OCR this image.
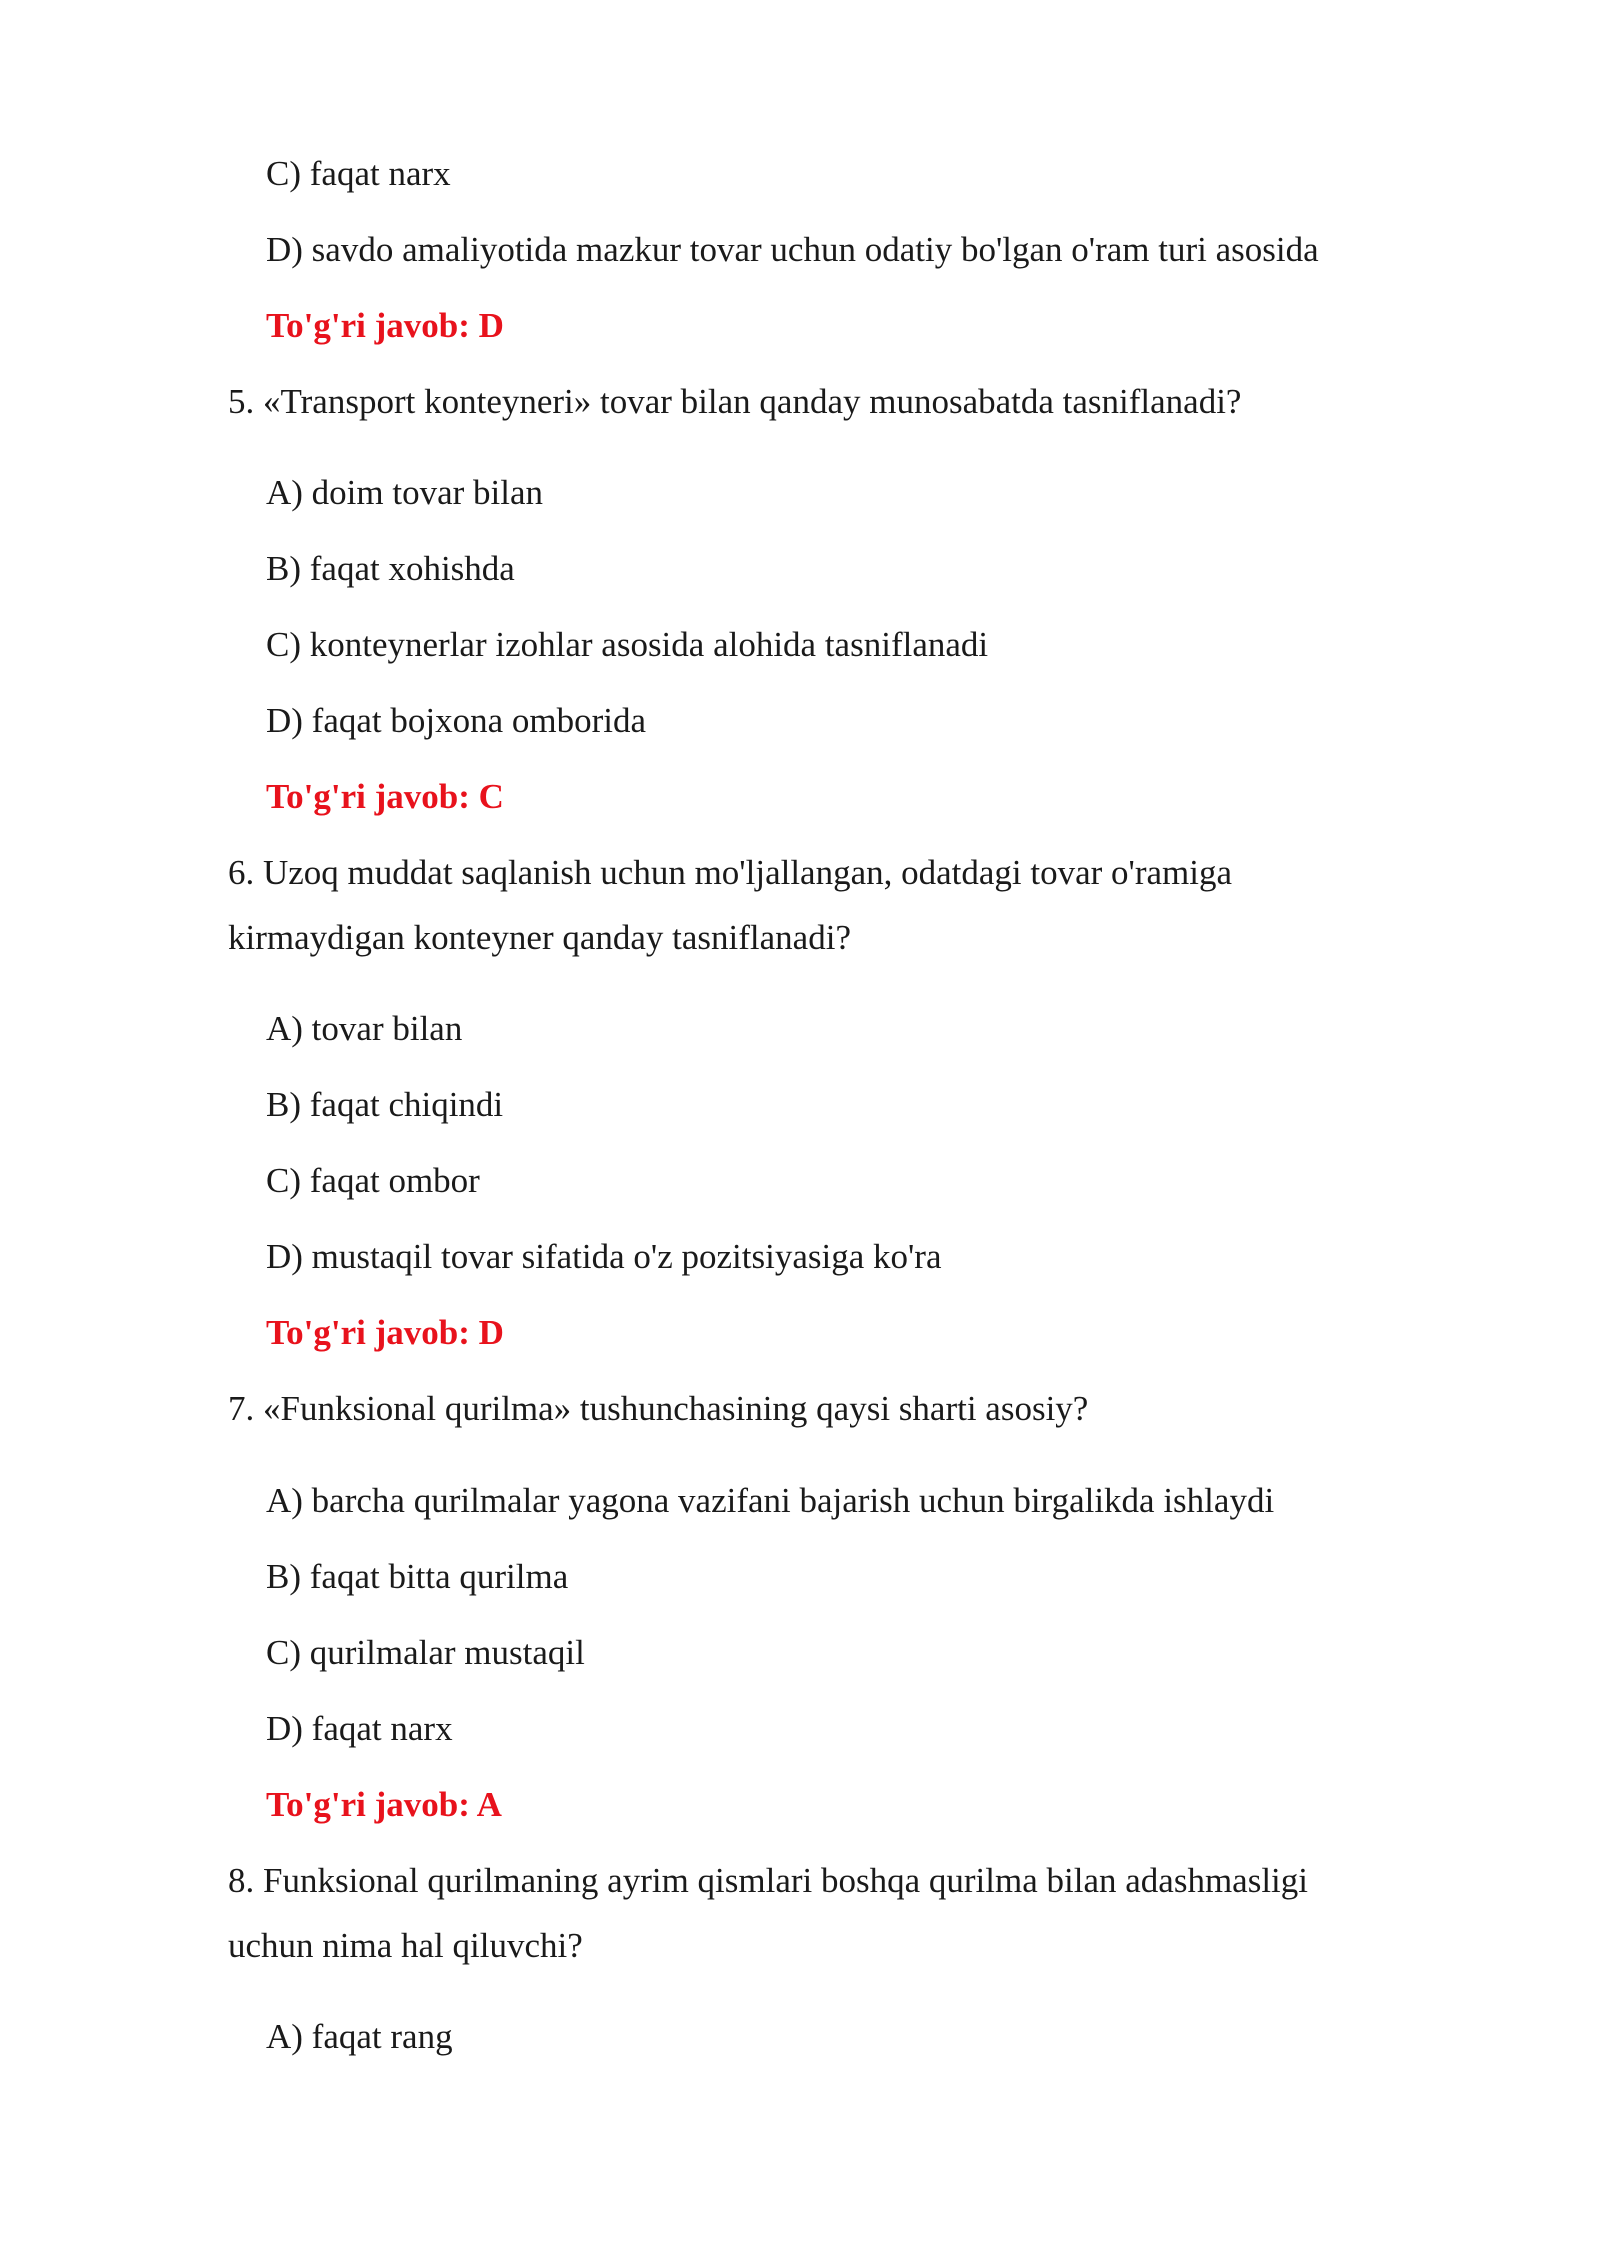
C) faqat narx

D) savdo amaliyotida mazkur tovar uchun odatiy bo'lgan o'ram turi asosida

To'g'ri javob: D

5. «Transport konteyneri» tovar bilan qanday munosabatda tasniflanadi?

A) doim tovar bilan

B) faqat xohishda

C) konteynerlar izohlar asosida alohida tasniflanadi

D) faqat bojxona omborida

To'g'ri javob: C

6. Uzoq muddat saqlanish uchun mo'ljallangan, odatdagi tovar o'ramiga

kirmaydigan konteyner qanday tasniflanadi?

A) tovar bilan

B) faqat chiqindi

C) faqat ombor

D) mustaqil tovar sifatida o'z pozitsiyasiga ko'ra

To'g'ri javob: D

7. «Funksional qurilma» tushunchasining qaysi sharti asosiy?

A) barcha qurilmalar yagona vazifani bajarish uchun birgalikda ishlaydi

B) faqat bitta qurilma

C) qurilmalar mustaqil

D) faqat narx

To'g'ri javob: A

8. Funksional qurilmaning ayrim qismlari boshqa qurilma bilan adashmasligi

uchun nima hal qiluvchi?

A) faqat rang
